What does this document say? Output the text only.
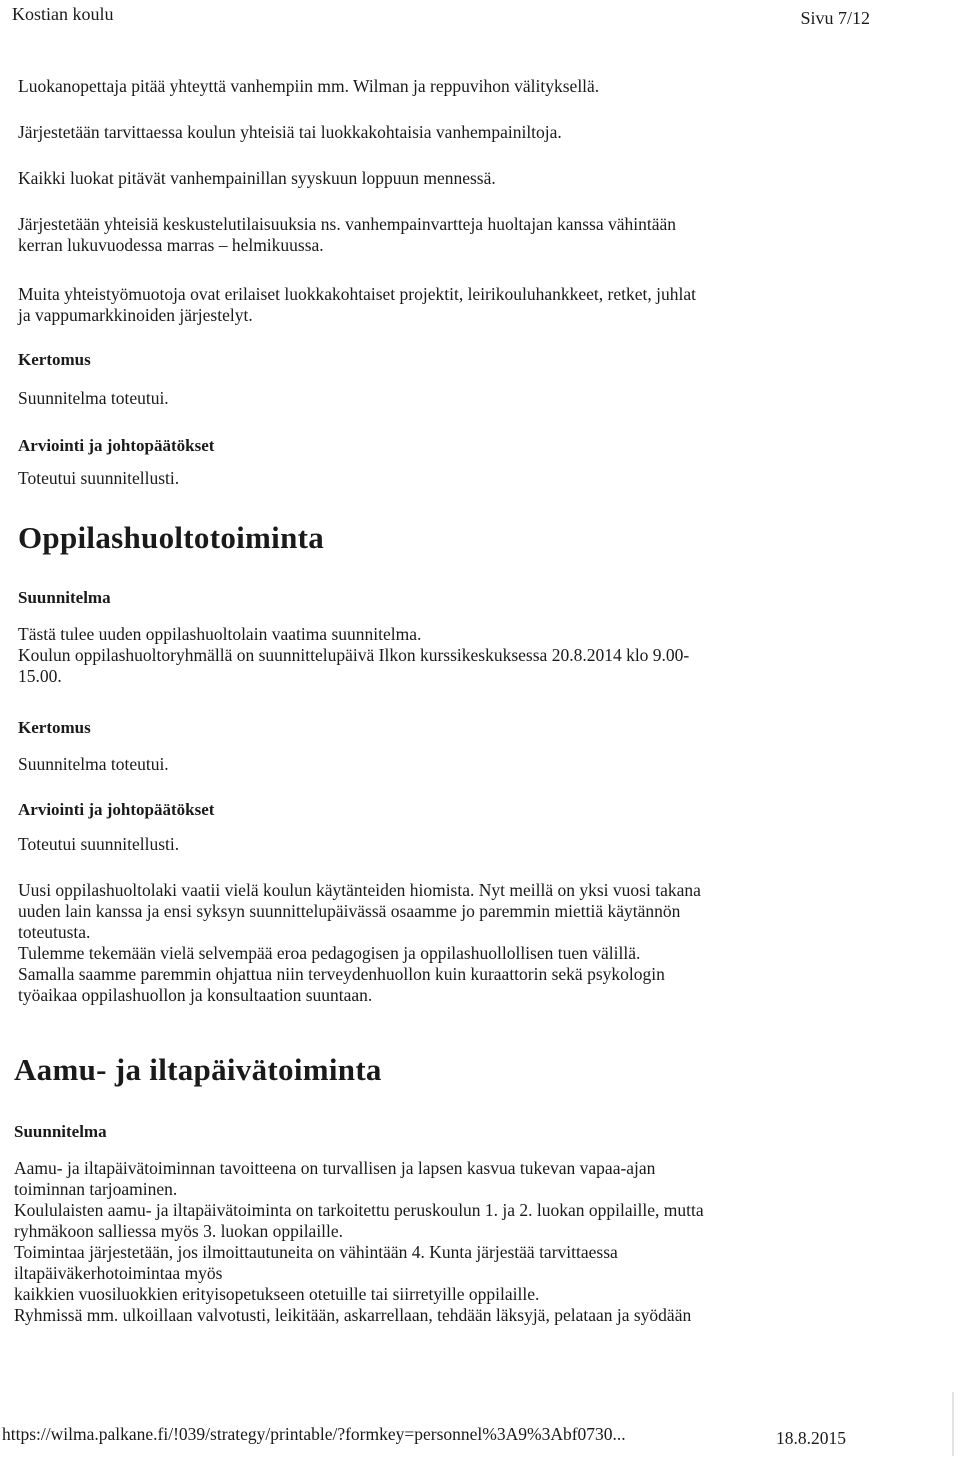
Kostian koulu	Sivu 7/12

Luokanopettaja pitää yhteyttä vanhempiin mm. Wilman ja reppuvihon välityksellä.

Järjestetään tarvittaessa koulun yhteisiä tai luokkakohtaisia vanhempainiltoja.

Kaikki luokat pitävät vanhempainillan syyskuun loppuun mennessä.

Järjestetään yhteisiä keskustelutilaisuuksia ns. vanhempainvartteja huoltajan kanssa vähintään
kerran lukuvuodessa marras – helmikuussa.
Muita yhteistyömuotoja ovat erilaiset luokkakohtaiset projektit, leirikouluhankkeet, retket, juhlat
ja vappumarkkinoiden järjestelyt.

Kertomus

Suunnitelma toteutui.

Arviointi ja johtopäätökset

Toteutui suunnitellusti.

Oppilashuoltotoiminta

Suunnitelma

Tästä tulee uuden oppilashuoltolain vaatima suunnitelma.
Koulun oppilashuoltoryhmällä on suunnittelupäivä Ilkon kurssikeskuksessa 20.8.2014 klo 9.00-
15.00.

Kertomus

Suunnitelma toteutui.

Arviointi ja johtopäätökset

Toteutui suunnitellusti.

Uusi oppilashuoltolaki vaatii vielä koulun käytänteiden hiomista. Nyt meillä on yksi vuosi takana
uuden lain kanssa ja ensi syksyn suunnittelupäivässä osaamme jo paremmin miettiä käytännön
toteutusta.
Tulemme tekemään vielä selvempää eroa pedagogisen ja oppilashuollollisen tuen välillä.
Samalla saamme paremmin ohjattua niin terveydenhuollon kuin kuraattorin sekä psykologin
työaikaa oppilashuollon ja konsultaation suuntaan.

Aamu- ja iltapäivätoiminta

Suunnitelma

Aamu- ja iltapäivätoiminnan tavoitteena on turvallisen ja lapsen kasvua tukevan vapaa-ajan
toiminnan tarjoaminen.
Koululaisten aamu- ja iltapäivätoiminta on tarkoitettu peruskoulun 1. ja 2. luokan oppilaille, mutta
ryhmäkoon salliessa myös 3. luokan oppilaille.
Toimintaa järjestetään, jos ilmoittautuneita on vähintään 4. Kunta järjestää tarvittaessa
iltapäiväkerhotoimintaa myös
kaikkien vuosiluokkien erityisopetukseen otetuille tai siirretyille oppilaille.
Ryhmissä mm. ulkoillaan valvotusti, leikitään, askarrellaan, tehdään läksyjä, pelataan ja syödään
https://wilma.palkane.fi/!039/strategy/printable/?formkey=personnel%3A9%3Abf0730...	18.8.2015
